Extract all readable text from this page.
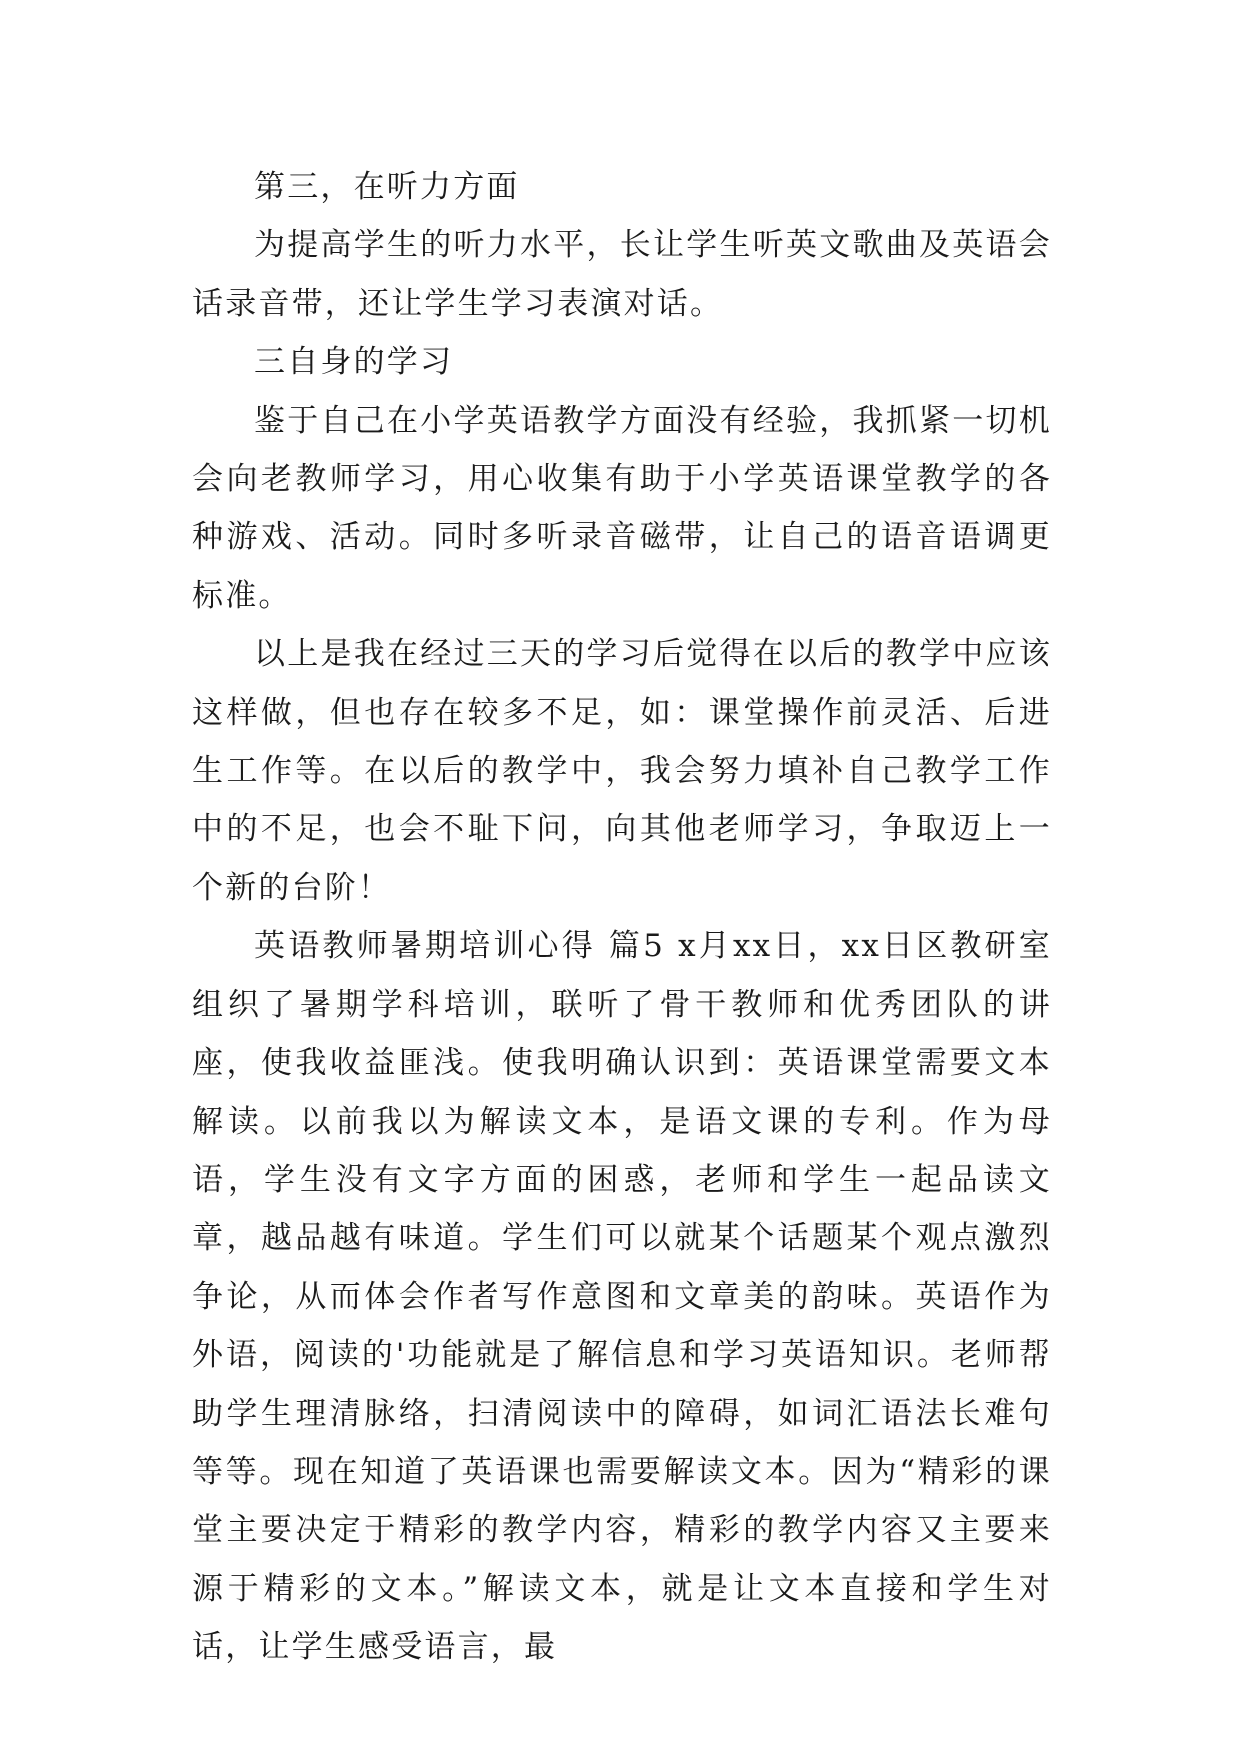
第三，在听力方面

为提高学生的听力水平，长让学生听英文歌曲及英语会话录音带，还让学生学习表演对话。

三自身的学习

鉴于自己在小学英语教学方面没有经验，我抓紧一切机会向老教师学习，用心收集有助于小学英语课堂教学的各种游戏、活动。同时多听录音磁带，让自己的语音语调更标准。

以上是我在经过三天的学习后觉得在以后的教学中应该这样做，但也存在较多不足，如：课堂操作前灵活、后进生工作等。在以后的教学中，我会努力填补自己教学工作中的不足，也会不耻下问，向其他老师学习，争取迈上一个新的台阶！

英语教师暑期培训心得 篇5 x月xx日，xx日区教研室组织了暑期学科培训，联听了骨干教师和优秀团队的讲座，使我收益匪浅。使我明确认识到：英语课堂需要文本解读。以前我以为解读文本，是语文课的专利。作为母语，学生没有文字方面的困惑，老师和学生一起品读文章，越品越有味道。学生们可以就某个话题某个观点激烈争论，从而体会作者写作意图和文章美的韵味。英语作为外语，阅读的'功能就是了解信息和学习英语知识。老师帮助学生理清脉络，扫清阅读中的障碍，如词汇语法长难句等等。现在知道了英语课也需要解读文本。因为“精彩的课堂主要决定于精彩的教学内容，精彩的教学内容又主要来源于精彩的文本。”解读文本，就是让文本直接和学生对话，让学生感受语言，最
